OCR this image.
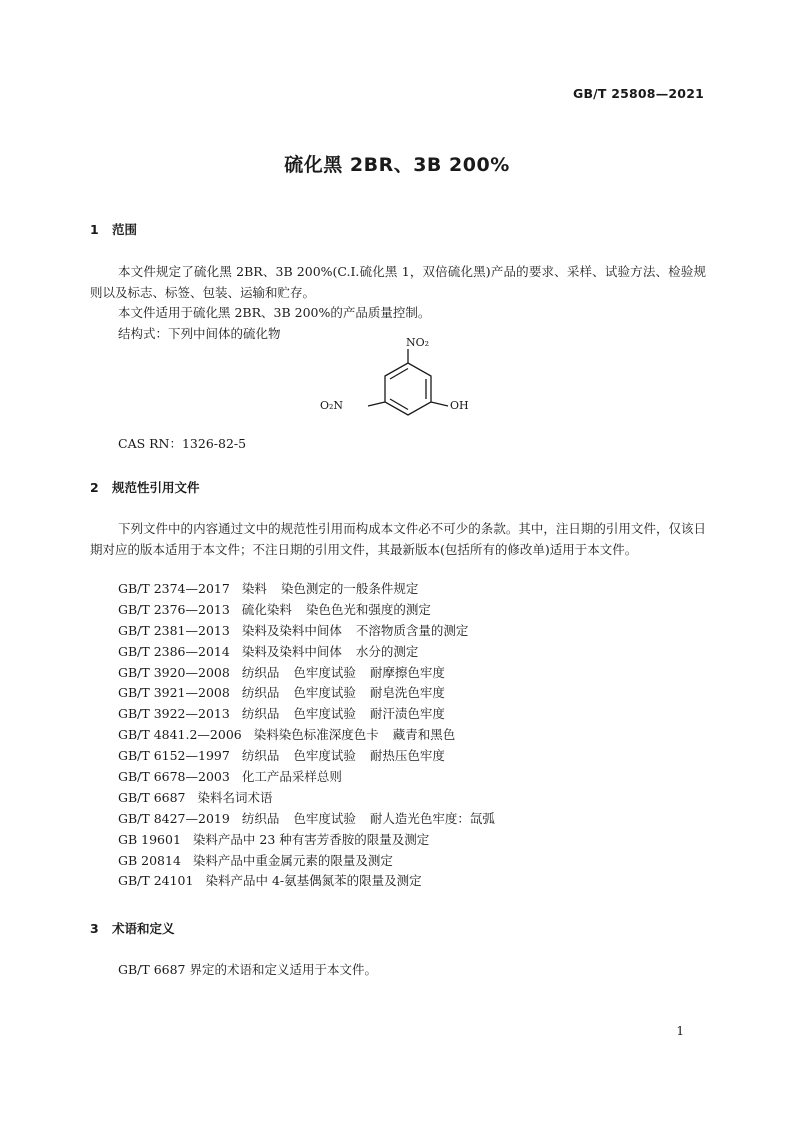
GB/T 25808—2021
硫化黑 2BR、3B 200%
1 范围

本文件规定了硫化黑 2BR、3B 200%(C.I.硫化黑 1，双倍硫化黑)产品的要求、采样、试验方法、检验规则以及标志、标签、包装、运输和贮存。

本文件适用于硫化黑 2BR、3B 200%的产品质量控制。
结构式：下列中间体的硫化物
NO₂
OH
O₂N
CAS RN：1326-82-5
2 规范性引用文件

下列文件中的内容通过文中的规范性引用而构成本文件必不可少的条款。其中，注日期的引用文件，仅该日期对应的版本适用于本文件；不注日期的引用文件，其最新版本(包括所有的修改单)适用于本文件。

GB/T 2374—2017 染料 染色测定的一般条件规定
GB/T 2376—2013 硫化染料 染色色光和强度的测定
GB/T 2381—2013 染料及染料中间体 不溶物质含量的测定
GB/T 2386—2014 染料及染料中间体 水分的测定
GB/T 3920—2008 纺织品 色牢度试验 耐摩擦色牢度
GB/T 3921—2008 纺织品 色牢度试验 耐皂洗色牢度
GB/T 3922—2013 纺织品 色牢度试验 耐汗渍色牢度
GB/T 4841.2—2006 染料染色标准深度色卡 藏青和黑色
GB/T 6152—1997 纺织品 色牢度试验 耐热压色牢度
GB/T 6678—2003 化工产品采样总则
GB/T 6687 染料名词术语
GB/T 8427—2019 纺织品 色牢度试验 耐人造光色牢度：氙弧
GB 19601 染料产品中 23 种有害芳香胺的限量及测定
GB 20814 染料产品中重金属元素的限量及测定
GB/T 24101 染料产品中 4-氨基偶氮苯的限量及测定
3 术语和定义
GB/T 6687 界定的术语和定义适用于本文件。
1
